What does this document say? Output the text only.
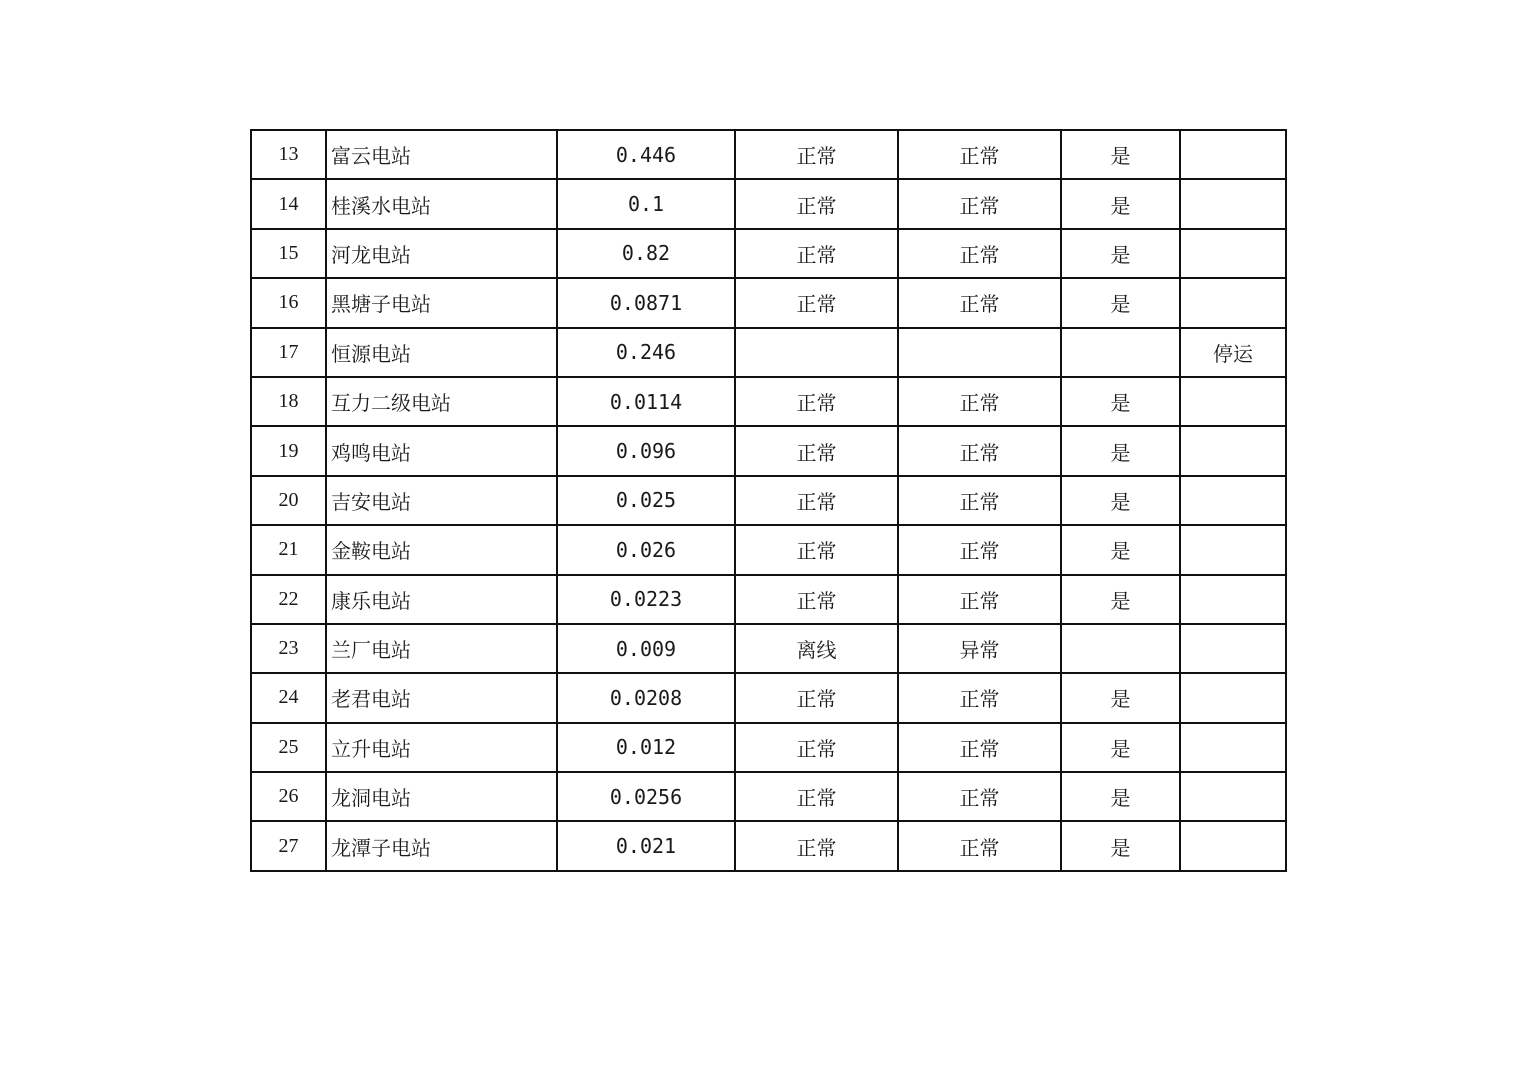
13	富云电站	0.446	正常	正常	是	
14	桂溪水电站	0.1	正常	正常	是	
15	河龙电站	0.82	正常	正常	是	
16	黑塘子电站	0.0871	正常	正常	是	
17	恒源电站	0.246				停运
18	互力二级电站	0.0114	正常	正常	是	
19	鸡鸣电站	0.096	正常	正常	是	
20	吉安电站	0.025	正常	正常	是	
21	金鞍电站	0.026	正常	正常	是	
22	康乐电站	0.0223	正常	正常	是	
23	兰厂电站	0.009	离线	异常		
24	老君电站	0.0208	正常	正常	是	
25	立升电站	0.012	正常	正常	是	
26	龙洞电站	0.0256	正常	正常	是	
27	龙潭子电站	0.021	正常	正常	是	
